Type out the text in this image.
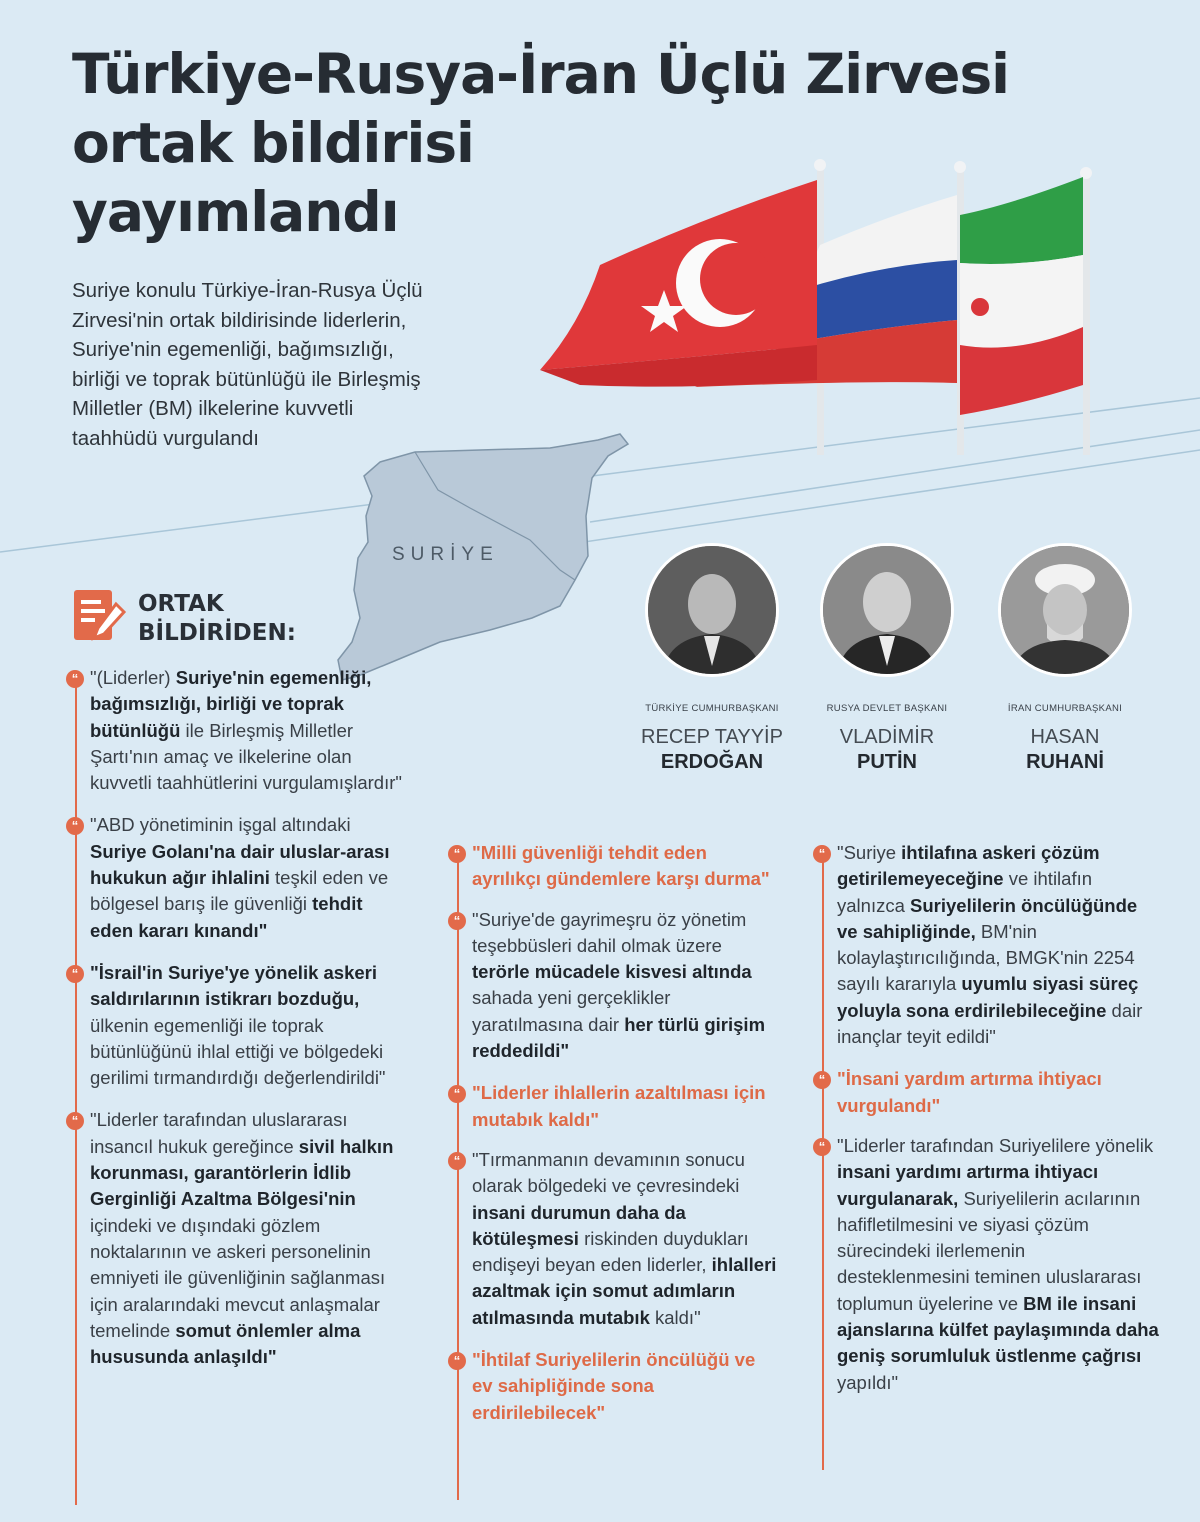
Türkiye-Rusya-İran Üçlü Zirvesi
ortak bildirisi
yayımlandı

Suriye konulu Türkiye-İran-Rusya Üçlü Zirvesi'nin ortak bildirisinde liderlerin, Suriye'nin egemenliği, bağımsızlığı, birliği ve toprak bütünlüğü ile Birleşmiş Milletler (BM) ilkelerine kuvvetli taahhüdü vurgulandı

SURİYE
ORTAK
BİLDİRİDEN:
TÜRKİYE CUMHURBAŞKANI
RECEP TAYYİP
ERDOĞAN
RUSYA DEVLET BAŞKANI
VLADİMİR
PUTİN
İRAN CUMHURBAŞKANI
HASAN
RUHANİ
“ "(Liderler) Suriye'nin egemenliği, bağımsızlığı, birliği ve toprak bütünlüğü ile Birleşmiş Milletler Şartı'nın amaç ve ilkelerine olan kuvvetli taahhütlerini vurgulamışlardır"

“ "ABD yönetiminin işgal altındaki Suriye Golanı'na dair uluslar-arası hukukun ağır ihlalini teşkil eden ve bölgesel barış ile güvenliği tehdit eden kararı kınandı"

“ "İsrail'in Suriye'ye yönelik askeri saldırılarının istikrarı bozduğu, ülkenin egemenliği ile toprak bütünlüğünü ihlal ettiği ve bölgedeki gerilimi tırmandırdığı değerlendirildi"

“ "Liderler tarafından uluslararası insancıl hukuk gereğince sivil halkın korunması, garantörlerin İdlib Gerginliği Azaltma Bölgesi'nin içindeki ve dışındaki gözlem noktalarının ve askeri personelinin emniyeti ile güvenliğinin sağlanması için aralarındaki mevcut anlaşmalar temelinde somut önlemler alma hususunda anlaşıldı"

“ "Milli güvenliği tehdit eden ayrılıkçı gündemlere karşı durma"

“ "Suriye'de gayrimeşru öz yönetim teşebbüsleri dahil olmak üzere terörle mücadele kisvesi altında sahada yeni gerçeklikler yaratılmasına dair her türlü girişim reddedildi"

“ "Liderler ihlallerin azaltılması için mutabık kaldı"

“ "Tırmanmanın devamının sonucu olarak bölgedeki ve çevresindeki insani durumun daha da kötüleşmesi riskinden duydukları endişeyi beyan eden liderler, ihlalleri azaltmak için somut adımların atılmasında mutabık kaldı"

“ "İhtilaf Suriyelilerin öncülüğü ve ev sahipliğinde sona erdirilebilecek"

“ "Suriye ihtilafına askeri çözüm getirilemeyeceğine ve ihtilafın yalnızca Suriyelilerin öncülüğünde ve sahipliğinde, BM'nin kolaylaştırıcılığında, BMGK'nin 2254 sayılı kararıyla uyumlu siyasi süreç yoluyla sona erdirilebileceğine dair inançlar teyit edildi"

“ "İnsani yardım artırma ihtiyacı vurgulandı"

“ "Liderler tarafından Suriyelilere yönelik insani yardımı artırma ihtiyacı vurgulanarak, Suriyelilerin acılarının hafifletilmesini ve siyasi çözüm sürecindeki ilerlemenin desteklenmesini teminen uluslararası toplumun üyelerine ve BM ile insani ajanslarına külfet paylaşımında daha geniş sorumluluk üstlenme çağrısı yapıldı"
